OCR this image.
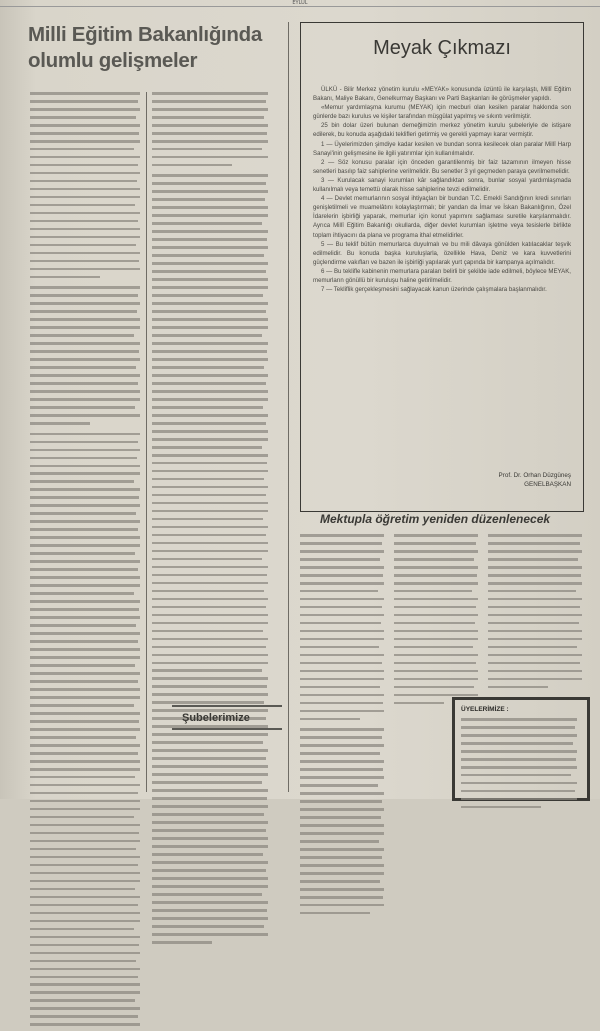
EYLÜL
Milli Eğitim Bakanlığında olumlu gelişmeler
Şubelerimize
Meyak Çıkmazı

ÜLKÜ - Bilir Merkez yönetim kurulu «MEYAK» konusunda üzüntü ile karşılaştı, Millî Eğitim Bakanı, Maliye Bakanı, Genelkurmay Başkanı ve Parti Başkanları ile görüşmeler yapıldı.

«Memur yardımlaşma kurumu (MEYAK) için mecburi olan kesilen paralar hakkında son günlerde bazı kurulus ve kişiler tarafından müşgülat yapılmış ve sıkıntı verilmiştir.

25 bin dolar üzeri bulunan derneğimizin merkez yönetim kurulu şubeleriyle de istişare edilerek, bu konuda aşağıdaki teklifleri getirmiş ve gerekli yapmayı karar vermiştir.

1 — Üyelerimizden şimdiye kadar kesilen ve bundan sonra kesilecek olan paralar Millî Harp Sanayi'inin gelişmesine ile ilgili yatırımlar için kullanılmalıdır.

2 — Söz konusu paralar için önceden garantilenmiş bir faiz tazamının ilmeyen hisse senetleri basılıp faiz sahiplerine verilmelidir. Bu senetler 3 yıl geçmeden paraya çevrilmemelidir.

3 — Kurulacak sanayi kurumları kâr sağlandıktan sonra, bunlar sosyal yardımlaşmada kullanılmalı veya temettü olarak hisse sahiplerine tevzi edilmelidir.

4 — Devlet memurlarının sosyal ihtiyaçları bir bundan T.C. Emekli Sandığının kredi sınırları genişletilmeli ve muamelâtını kolaylaştırmalı; bir yandan da İmar ve İskan Bakanlığının, Özel İdarelerin işbirliği yaparak, memurlar için konut yapımını sağlaması suretile karşılanmalıdır. Ayrıca Millî Eğitim Bakanlığı okullarda, diğer devlet kurumları işletme veya tesislerle birlikte toplam ihtiyacını da plana ve programa ithal etmelidirler.

5 — Bu teklif bütün memurlarca duyulmalı ve bu mili dâvaya gönülden katılacaklar teşvik edilmelidir. Bu konuda başka kuruluşlarla, özellikle Hava, Deniz ve kara kuvvetlerini güçlendirme vakıfları ve bazen ile işbirliği yapılarak yurt çapında bir kampanya açılmalıdır.

6 — Bu teklifle kabinenin memurlara paraları belirli bir şekilde iade edilmeli, böylece MEYAK, memurların gönüllü bir kuruluşu haline getirilmelidir.

7 — Tekliflik gerçekleşmesini sağlayacak kanun üzerinde çalışmalara başlanmalıdır.

Prof. Dr. Orhan Düzgüneş
GENELBAŞKAN
Mektupla öğretim yeniden düzenlenecek
ÜYELERİMİZE :
